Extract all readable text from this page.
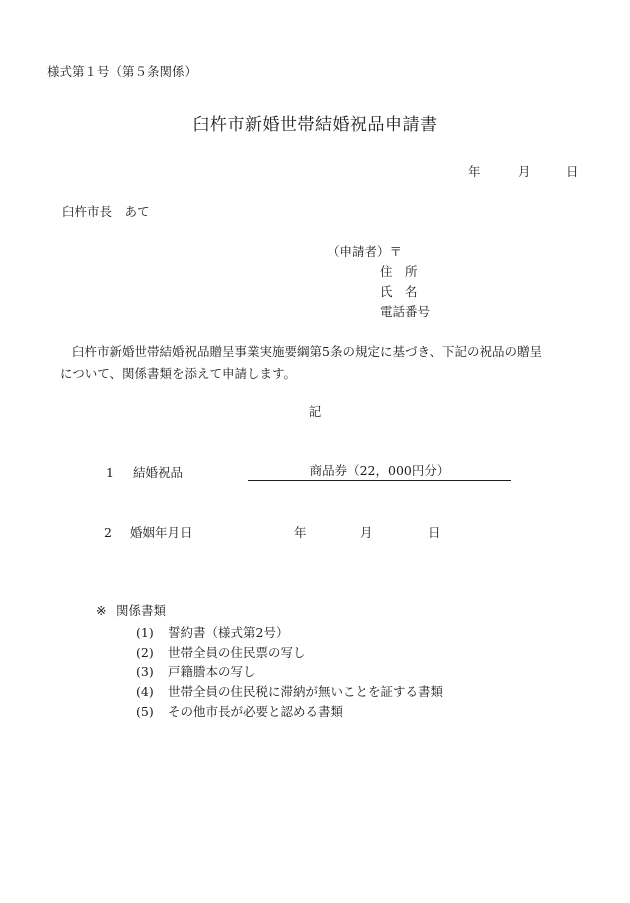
様式第１号（第５条関係）
臼杵市新婚世帯結婚祝品申請書
年	月	日
臼杵市長　あて
（申請者）〒
住　所
氏　名
電話番号
臼杵市新婚世帯結婚祝品贈呈事業実施要綱第5条の規定に基づき、下記の祝品の贈呈
について、関係書類を添えて申請します。
記
1 結婚祝品	商品券（22，000円分）
2 婚姻年月日	年	月	日
※ 関係書類
(1) 誓約書（様式第2号）
(2) 世帯全員の住民票の写し
(3) 戸籍謄本の写し
(4) 世帯全員の住民税に滞納が無いことを証する書類
(5) その他市長が必要と認める書類
